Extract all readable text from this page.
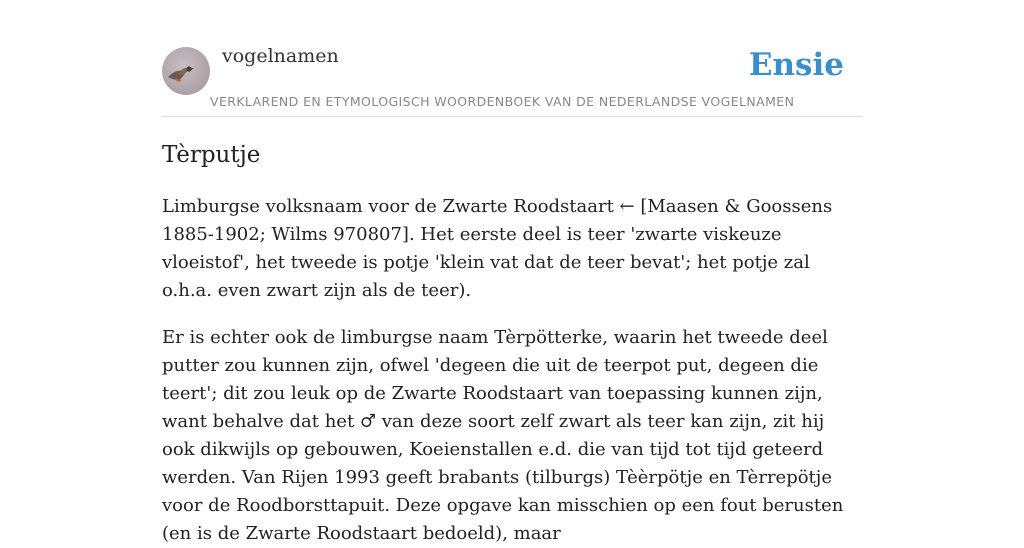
vogelnamen	Ensie
VERKLAREND EN ETYMOLOGISCH WOORDENBOEK VAN DE NEDERLANDSE VOGELNAMEN
Tèrputje

Limburgse volksnaam voor de Zwarte Roodstaart ← [Maasen & Goossens 1885-1902; Wilms 970807]. Het eerste deel is teer 'zwarte viskeuze vloeistof', het tweede is potje 'klein vat dat de teer bevat'; het potje zal o.h.a. even zwart zijn als de teer).

Er is echter ook de limburgse naam Tèrpötterke, waarin het tweede deel putter zou kunnen zijn, ofwel 'degeen die uit de teerpot put, degeen die teert'; dit zou leuk op de Zwarte Roodstaart van toepassing kunnen zijn, want behalve dat het ♂ van deze soort zelf zwart als teer kan zijn, zit hij ook dikwijls op gebouwen, Koeienstallen e.d. die van tijd tot tijd geteerd werden. Van Rijen 1993 geeft brabants (tilburgs) Tèèrpötje en Tèrrepötje voor de Roodborsttapuit. Deze opgave kan misschien op een fout berusten (en is de Zwarte Roodstaart bedoeld), maar
